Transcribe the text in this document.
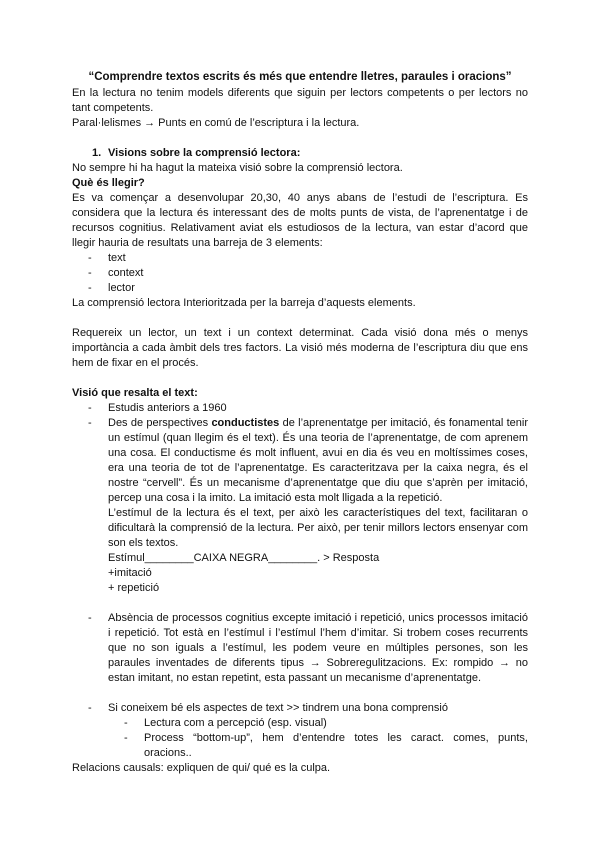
“Comprendre textos escrits és més que entendre lletres, paraules i oracions”

En la lectura no tenim models diferents que siguin per lectors competents o per lectors no tant competents.

Paral·lelismes → Punts en comú de l’escriptura i la lectura.

1. Visions sobre la comprensió lectora:

No sempre hi ha hagut la mateixa visió sobre la comprensió lectora.

Què és llegir?

Es va començar a desenvolupar 20,30, 40 anys abans de l’estudi de l’escriptura. Es considera que la lectura és interessant des de molts punts de vista, de l’aprenentatge i de recursos cognitius. Relativament aviat els estudiosos de la lectura, van estar d’acord que llegir hauria de resultats una barreja de 3 elements:

- text
- context
- lector

La comprensió lectora Interioritzada per la barreja d’aquests elements.

Requereix un lector, un text i un context determinat. Cada visió dona més o menys importància a cada àmbit dels tres factors. La visió més moderna de l’escriptura diu que ens hem de fixar en el procés.

Visió que resalta el text:

- Estudis anteriors a 1960
- Des de perspectives conductistes de l’aprenentatge per imitació, és fonamental tenir un estímul (quan llegim és el text). És una teoria de l’aprenentatge, de com aprenem una cosa. El conductisme és molt influent, avui en dia és veu en moltíssimes coses, era una teoria de tot de l’aprenentatge. Es caracteritzava per la caixa negra, és el nostre “cervell”. És un mecanisme d’aprenentatge que diu que s’aprèn per imitació, percep una cosa i la imito. La imitació esta molt lligada a la repetició.

L’estímul de la lectura és el text, per això les característiques del text, facilitaran o dificultarà la comprensió de la lectura. Per això, per tenir millors lectors ensenyar com son els textos.

Estímul________CAIXA NEGRA________. > Resposta

+imitació

+ repetició

- Absència de processos cognitius excepte imitació i repetició, unics processos imitació i repetició. Tot està en l’estímul i l’estímul l’hem d’imitar. Si trobem coses recurrents que no son iguals a l’estímul, les podem veure en múltiples persones, son les paraules inventades de diferents tipus → Sobreregulitzacions. Ex: rompido → no estan imitant, no estan repetint, esta passant un mecanisme d’aprenentatge.
- Si coneixem bé els aspectes de text >> tindrem una bona comprensió
- Lectura com a percepció (esp. visual)
- Process “bottom-up”, hem d’entendre totes les caract. comes, punts, oracions..

Relacions causals: expliquen de qui/ qué es la culpa.
